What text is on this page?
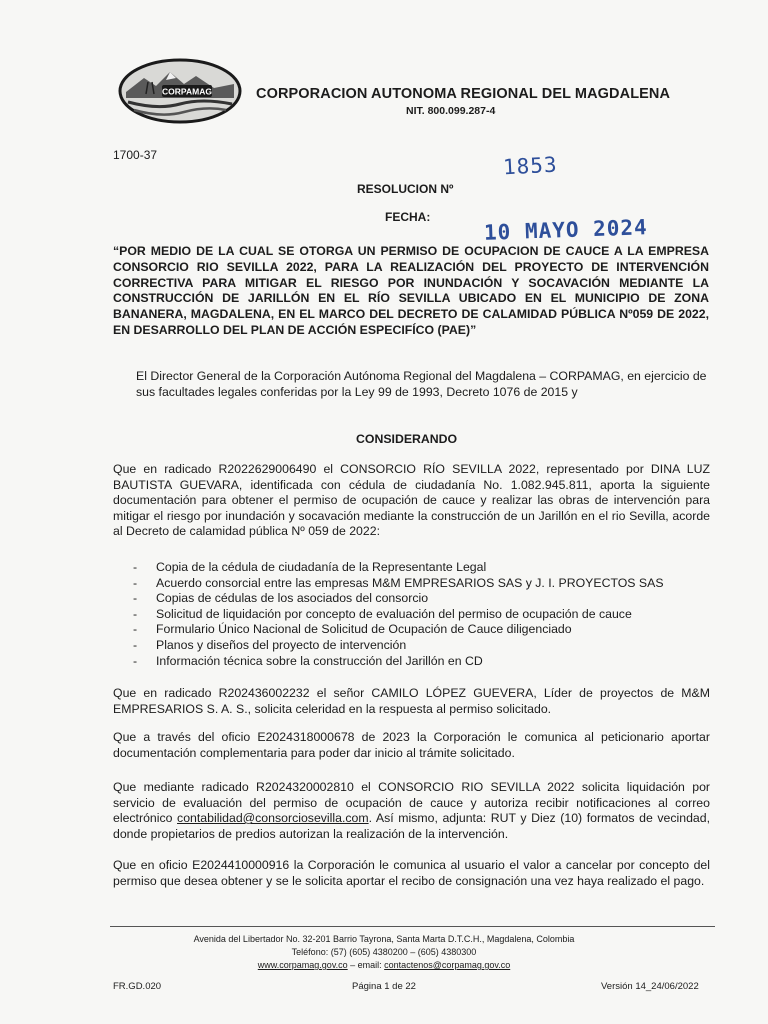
CORPAMAG	CORPORACION AUTONOMA REGIONAL DEL MAGDALENA
NIT. 800.099.287-4
1700-37	1853
RESOLUCION Nº
FECHA:	10 MAYO 2024
“POR MEDIO DE LA CUAL SE OTORGA UN PERMISO DE OCUPACION DE CAUCE A LA EMPRESA CONSORCIO RIO SEVILLA 2022, PARA LA REALIZACIÓN DEL PROYECTO DE INTERVENCIÓN CORRECTIVA PARA MITIGAR EL RIESGO POR INUNDACIÓN Y SOCAVACIÓN MEDIANTE LA CONSTRUCCIÓN DE JARILLÓN EN EL RÍO SEVILLA UBICADO EN EL MUNICIPIO DE ZONA BANANERA, MAGDALENA, EN EL MARCO DEL DECRETO DE CALAMIDAD PÚBLICA Nº059 DE 2022, EN DESARROLLO DEL PLAN DE ACCIÓN ESPECIFÍCO (PAE)”
El Director General de la Corporación Autónoma Regional del Magdalena – CORPAMAG, en ejercicio de sus facultades legales conferidas por la Ley 99 de 1993, Decreto 1076 de 2015 y
CONSIDERANDO
Que en radicado R2022629006490 el CONSORCIO RÍO SEVILLA 2022, representado por DINA LUZ BAUTISTA GUEVARA, identificada con cédula de ciudadanía No. 1.082.945.811, aporta la siguiente documentación para obtener el permiso de ocupación de cauce y realizar las obras de intervención para mitigar el riesgo por inundación y socavación mediante la construcción de un Jarillón en el rio Sevilla, acorde al Decreto de calamidad pública Nº 059 de 2022:
- Copia de la cédula de ciudadanía de la Representante Legal
- Acuerdo consorcial entre las empresas M&M EMPRESARIOS SAS y J. I. PROYECTOS SAS
- Copias de cédulas de los asociados del consorcio
- Solicitud de liquidación por concepto de evaluación del permiso de ocupación de cauce
- Formulario Único Nacional de Solicitud de Ocupación de Cauce diligenciado
- Planos y diseños del proyecto de intervención
- Información técnica sobre la construcción del Jarillón en CD
Que en radicado R202436002232 el señor CAMILO LÓPEZ GUEVERA, Líder de proyectos de M&M EMPRESARIOS S. A. S., solicita celeridad en la respuesta al permiso solicitado.
Que a través del oficio E2024318000678 de 2023 la Corporación le comunica al peticionario aportar documentación complementaria para poder dar inicio al trámite solicitado.
Que mediante radicado R2024320002810 el CONSORCIO RIO SEVILLA 2022 solicita liquidación por servicio de evaluación del permiso de ocupación de cauce y autoriza recibir notificaciones al correo electrónico contabilidad@consorciosevilla.com. Así mismo, adjunta: RUT y Diez (10) formatos de vecindad, donde propietarios de predios autorizan la realización de la intervención.
Que en oficio E2024410000916 la Corporación le comunica al usuario el valor a cancelar por concepto del permiso que desea obtener y se le solicita aportar el recibo de consignación una vez haya realizado el pago.
Avenida del Libertador No. 32-201 Barrio Tayrona, Santa Marta D.T.C.H., Magdalena, Colombia
Teléfono: (57) (605) 4380200 – (605) 4380300
www.corpamag.gov.co – email: contactenos@corpamag.gov.co
FR.GD.020	Página 1 de 22	Versión 14_24/06/2022
